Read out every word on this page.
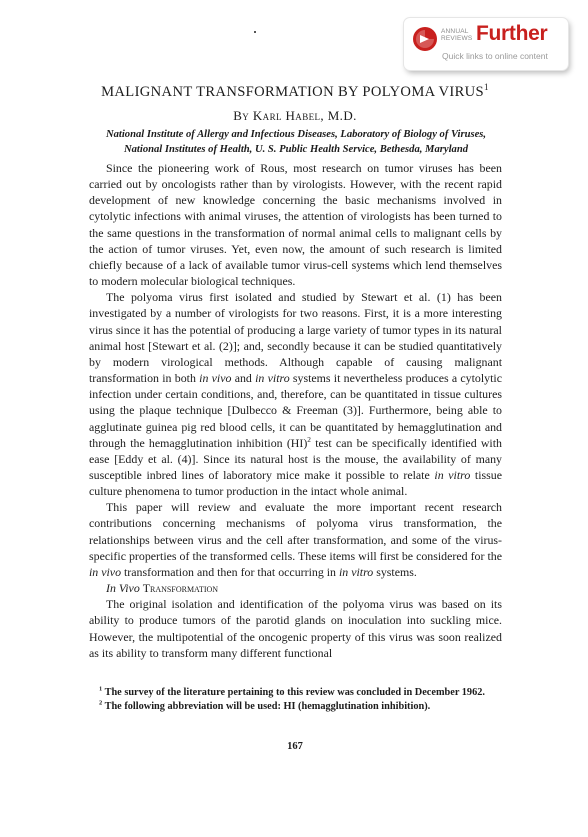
ANNUAL
REVIEWS Further
Quick links to online content
MALIGNANT TRANSFORMATION BY POLYOMA VIRUS$^1$
By Karl Habel, M.D.
National Institute of Allergy and Infectious Diseases, Laboratory of Biology of Viruses,
National Institutes of Health, U. S. Public Health Service, Bethesda, Maryland

Since the pioneering work of Rous, most research on tumor viruses has been carried out by oncologists rather than by virologists. However, with the recent rapid development of new knowledge concerning the basic mechanisms involved in cytolytic infections with animal viruses, the attention of virologists has been turned to the same questions in the transformation of normal animal cells to malignant cells by the action of tumor viruses. Yet, even now, the amount of such research is limited chiefly because of a lack of available tumor virus-cell systems which lend themselves to modern molecular biological techniques.

The polyoma virus first isolated and studied by Stewart et al. (1) has been investigated by a number of virologists for two reasons. First, it is a more interesting virus since it has the potential of producing a large variety of tumor types in its natural animal host [Stewart et al. (2)]; and, secondly because it can be studied quantitatively by modern virological methods. Although capable of causing malignant transformation in both in vivo and in vitro systems it nevertheless produces a cytolytic infection under certain conditions, and, therefore, can be quantitated in tissue cultures using the plaque technique [Dulbecco & Freeman (3)]. Furthermore, being able to agglutinate guinea pig red blood cells, it can be quantitated by hemagglutination and through the hemagglutination inhibition (HI)$^2$ test can be specifically identified with ease [Eddy et al. (4)]. Since its natural host is the mouse, the availability of many susceptible inbred lines of laboratory mice make it possible to relate in vitro tissue culture phenomena to tumor production in the intact whole animal.

This paper will review and evaluate the more important recent research contributions concerning mechanisms of polyoma virus transformation, the relationships between virus and the cell after transformation, and some of the virus-specific properties of the transformed cells. These items will first be considered for the in vivo transformation and then for that occurring in in vitro systems.

In Vivo Transformation

The original isolation and identification of the polyoma virus was based on its ability to produce tumors of the parotid glands on inoculation into suckling mice. However, the multipotential of the oncogenic property of this virus was soon realized as its ability to transform many different functional

$^1$ The survey of the literature pertaining to this review was concluded in December 1962.

$^2$ The following abbreviation will be used: HI (hemagglutination inhibition).

167
